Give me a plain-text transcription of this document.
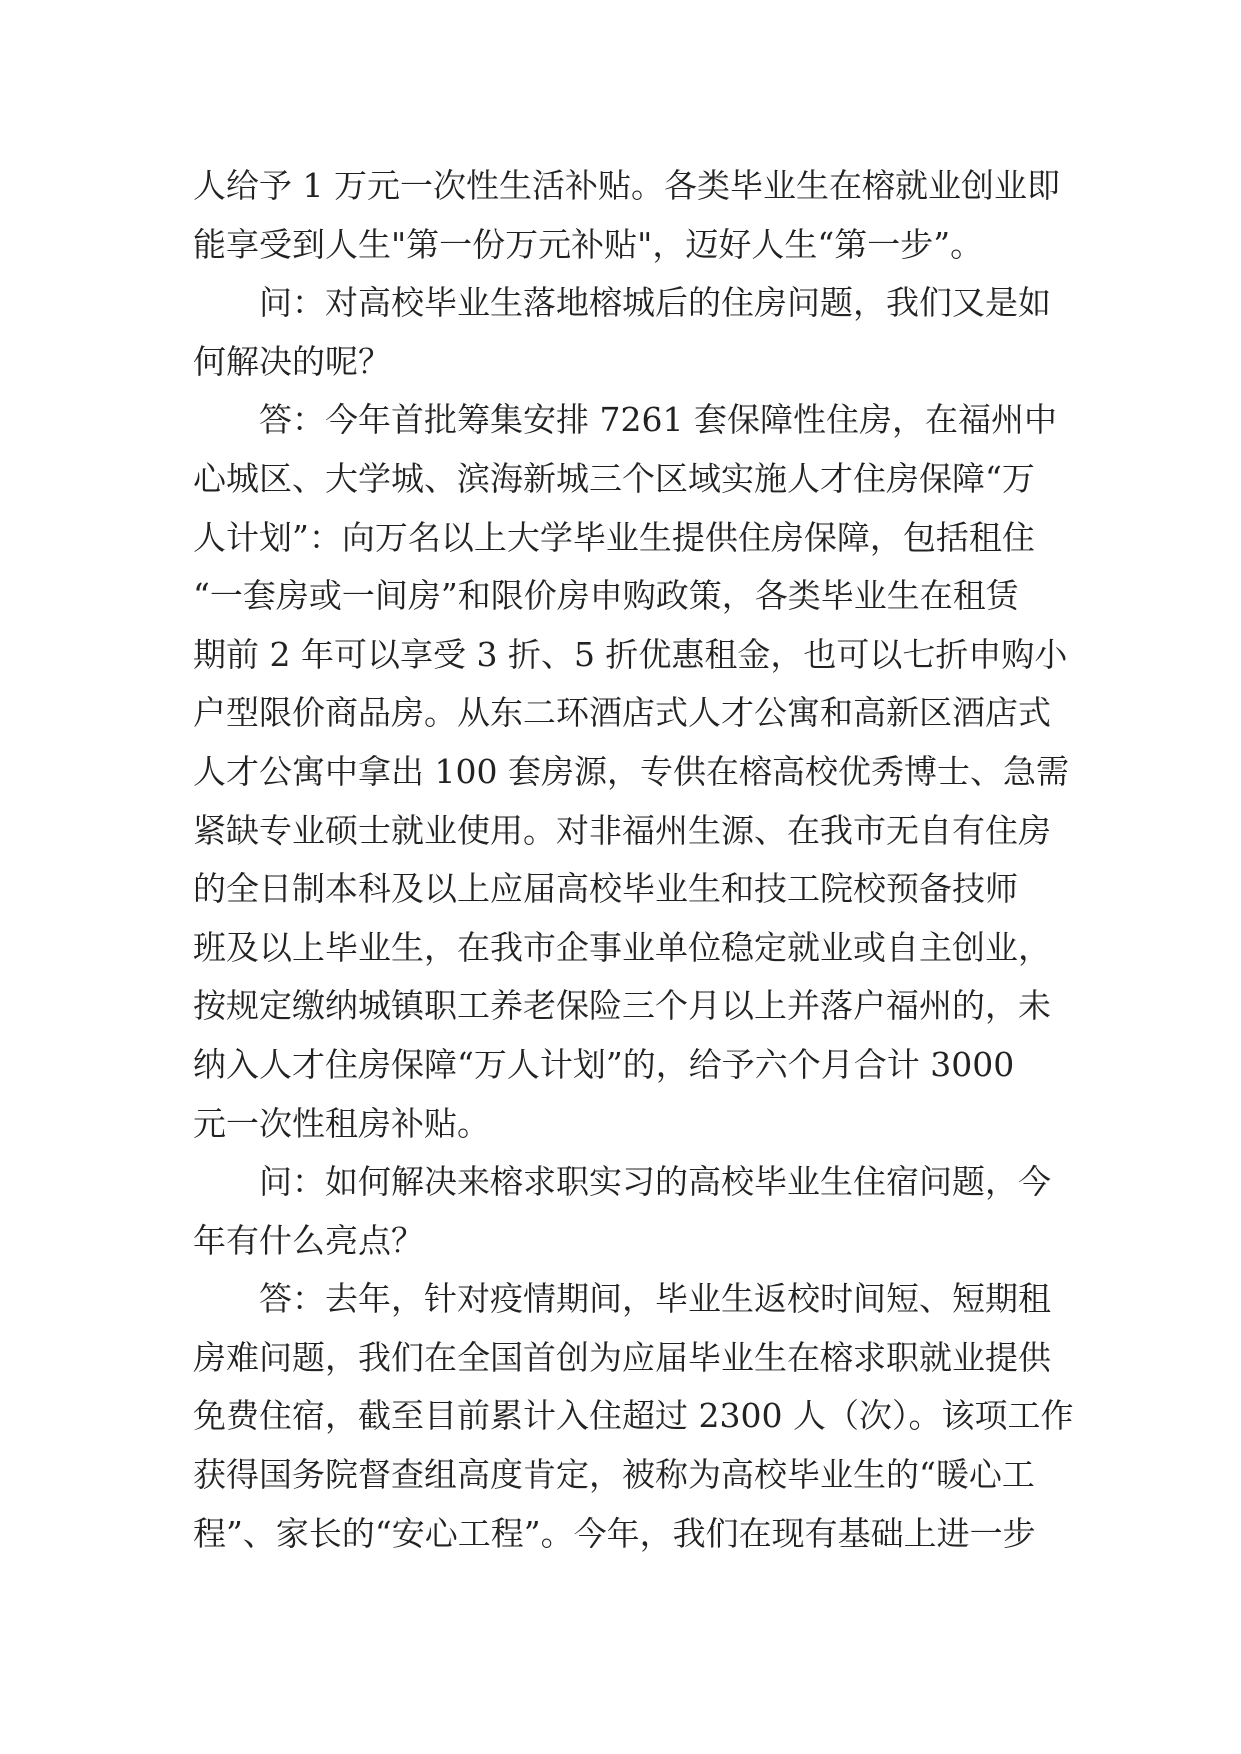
人给予 1 万元一次性生活补贴。各类毕业生在榕就业创业即
能享受到人生"第一份万元补贴"，迈好人生“第一步”。
问：对高校毕业生落地榕城后的住房问题，我们又是如
何解决的呢？
答：今年首批筹集安排 7261 套保障性住房，在福州中
心城区、大学城、滨海新城三个区域实施人才住房保障“万
人计划”：向万名以上大学毕业生提供住房保障，包括租住
“一套房或一间房”和限价房申购政策，各类毕业生在租赁
期前 2 年可以享受 3 折、5 折优惠租金，也可以七折申购小
户型限价商品房。从东二环酒店式人才公寓和高新区酒店式
人才公寓中拿出 100 套房源，专供在榕高校优秀博士、急需
紧缺专业硕士就业使用。对非福州生源、在我市无自有住房
的全日制本科及以上应届高校毕业生和技工院校预备技师
班及以上毕业生，在我市企事业单位稳定就业或自主创业，
按规定缴纳城镇职工养老保险三个月以上并落户福州的，未
纳入人才住房保障“万人计划”的，给予六个月合计 3000
元一次性租房补贴。
问：如何解决来榕求职实习的高校毕业生住宿问题，今
年有什么亮点？
答：去年，针对疫情期间，毕业生返校时间短、短期租
房难问题，我们在全国首创为应届毕业生在榕求职就业提供
免费住宿，截至目前累计入住超过 2300 人（次）。该项工作
获得国务院督查组高度肯定，被称为高校毕业生的“暖心工
程”、家长的“安心工程”。今年，我们在现有基础上进一步
